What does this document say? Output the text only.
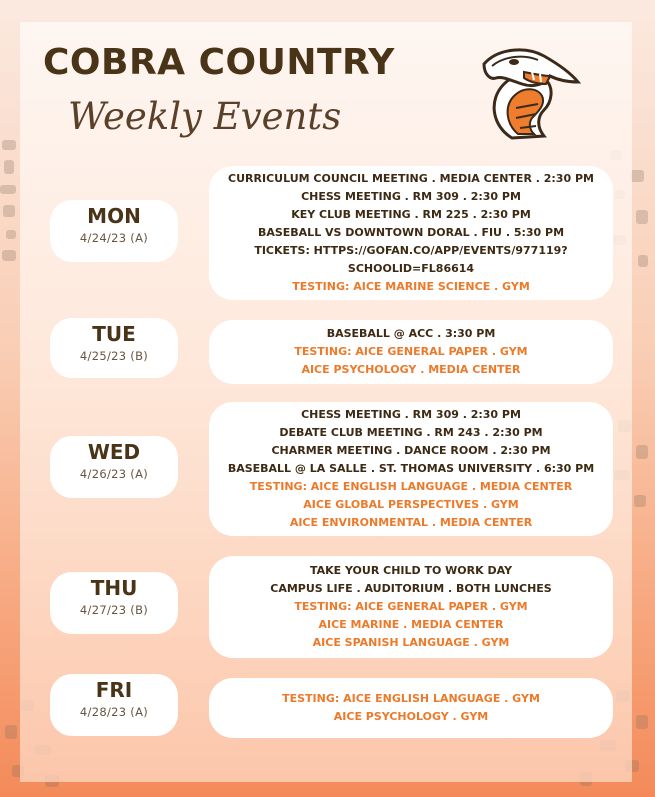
COBRA COUNTRY
Weekly Events
MON
4/24/23 (A)
CURRICULUM COUNCIL MEETING . MEDIA CENTER . 2:30 PM
CHESS MEETING . RM 309 . 2:30 PM
KEY CLUB MEETING . RM 225 . 2:30 PM
BASEBALL VS DOWNTOWN DORAL . FIU . 5:30 PM
TICKETS: HTTPS://GOFAN.CO/APP/EVENTS/977119?
SCHOOLID=FL86614
TESTING: AICE MARINE SCIENCE . GYM
TUE
4/25/23 (B)
BASEBALL @ ACC . 3:30 PM
TESTING: AICE GENERAL PAPER . GYM
AICE PSYCHOLOGY . MEDIA CENTER
WED
4/26/23 (A)
CHESS MEETING . RM 309 . 2:30 PM
DEBATE CLUB MEETING . RM 243 . 2:30 PM
CHARMER MEETING . DANCE ROOM . 2:30 PM
BASEBALL @ LA SALLE . ST. THOMAS UNIVERSITY . 6:30 PM
TESTING: AICE ENGLISH LANGUAGE . MEDIA CENTER
AICE GLOBAL PERSPECTIVES . GYM
AICE ENVIRONMENTAL . MEDIA CENTER
THU
4/27/23 (B)
TAKE YOUR CHILD TO WORK DAY
CAMPUS LIFE . AUDITORIUM . BOTH LUNCHES
TESTING: AICE GENERAL PAPER . GYM
AICE MARINE . MEDIA CENTER
AICE SPANISH LANGUAGE . GYM
FRI
4/28/23 (A)
TESTING: AICE ENGLISH LANGUAGE . GYM
AICE PSYCHOLOGY . GYM
